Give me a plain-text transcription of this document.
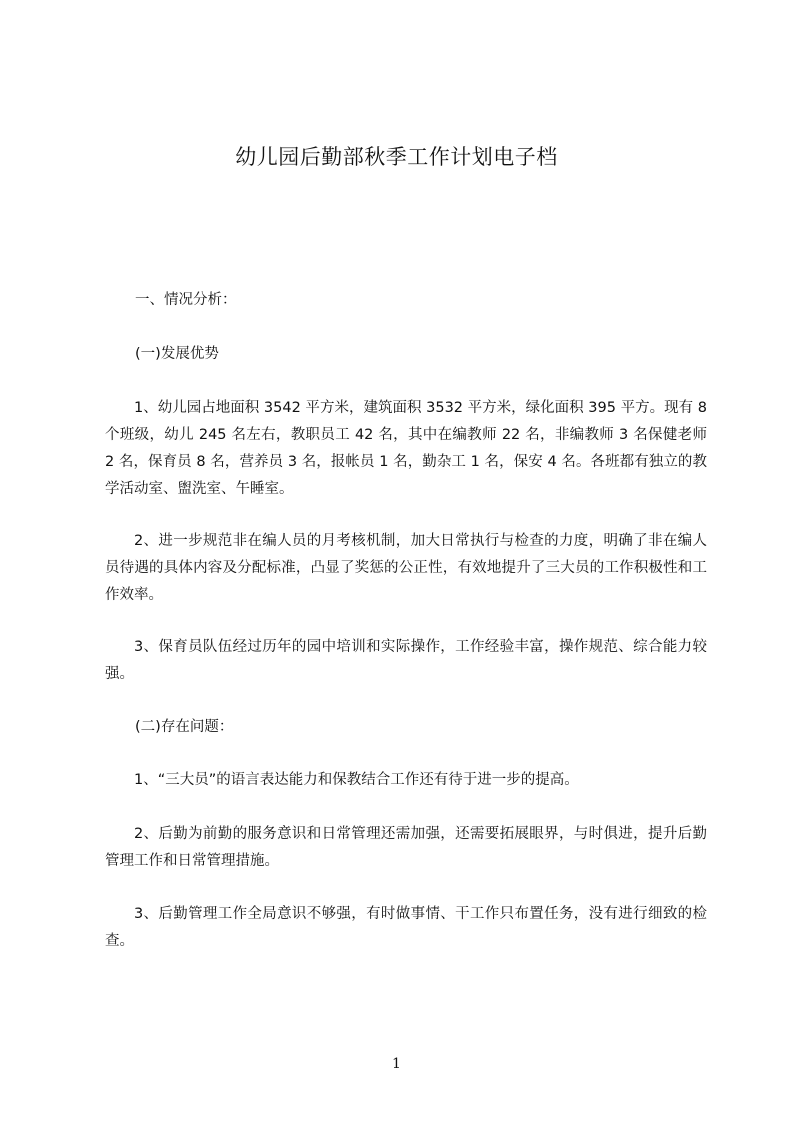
幼儿园后勤部秋季工作计划电子档

一、情况分析：

(一)发展优势

1、幼儿园占地面积 3542 平方米，建筑面积 3532 平方米，绿化面积 395 平方。现有 8 个班级，幼儿 245 名左右，教职员工 42 名，其中在编教师 22 名，非编教师 3 名保健老师 2 名，保育员 8 名，营养员 3 名，报帐员 1 名，勤杂工 1 名，保安 4 名。各班都有独立的教学活动室、盥洗室、午睡室。

2、进一步规范非在编人员的月考核机制，加大日常执行与检查的力度，明确了非在编人员待遇的具体内容及分配标准，凸显了奖惩的公正性，有效地提升了三大员的工作积极性和工作效率。

3、保育员队伍经过历年的园中培训和实际操作，工作经验丰富，操作规范、综合能力较强。

(二)存在问题：

1、“三大员”的语言表达能力和保教结合工作还有待于进一步的提高。

2、后勤为前勤的服务意识和日常管理还需加强，还需要拓展眼界，与时俱进，提升后勤管理工作和日常管理措施。

3、后勤管理工作全局意识不够强，有时做事情、干工作只布置任务，没有进行细致的检查。

1
